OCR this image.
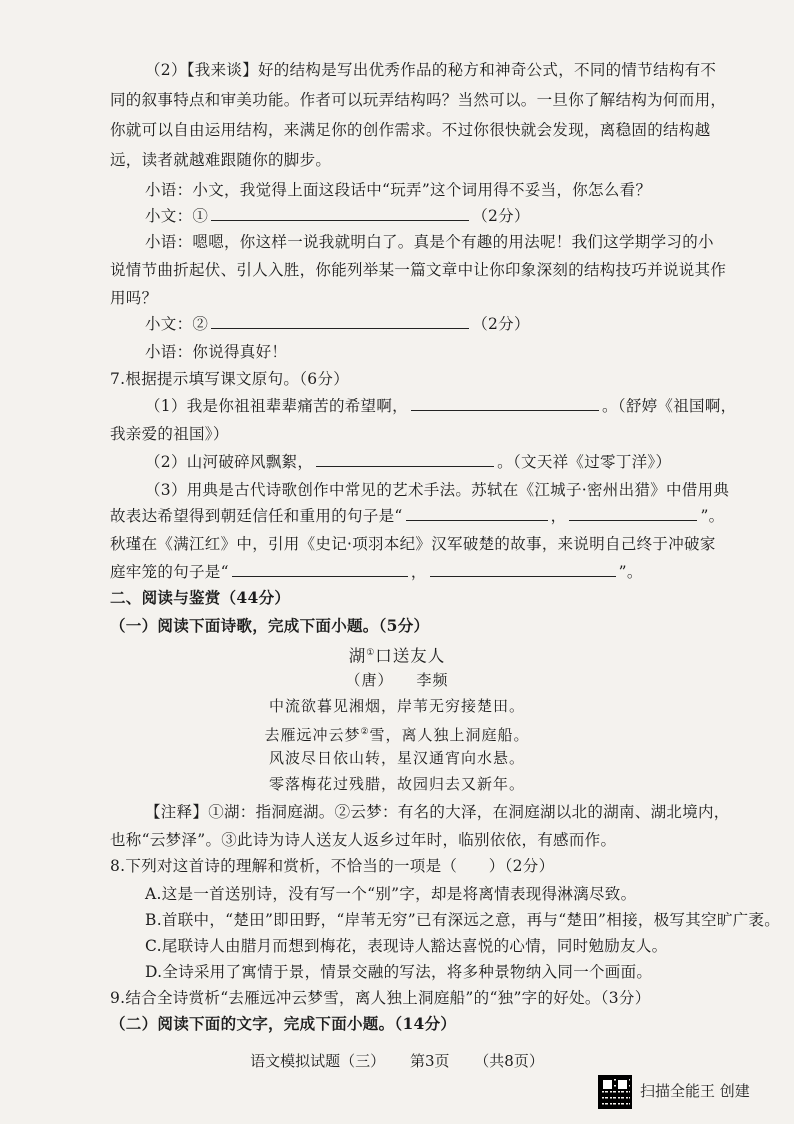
（2）【我来谈】好的结构是写出优秀作品的秘方和神奇公式，不同的情节结构有不
同的叙事特点和审美功能。作者可以玩弄结构吗？当然可以。一旦你了解结构为何而用，
你就可以自由运用结构，来满足你的创作需求。不过你很快就会发现，离稳固的结构越
远，读者就越难跟随你的脚步。
小语：小文，我觉得上面这段话中“玩弄”这个词用得不妥当，你怎么看？
小文：①	（2分）
小语：嗯嗯，你这样一说我就明白了。真是个有趣的用法呢！我们这学期学习的小
说情节曲折起伏、引人入胜，你能列举某一篇文章中让你印象深刻的结构技巧并说说其作
用吗？
小文：②	（2分）
小语：你说得真好！
7.根据提示填写课文原句。（6分）
（1）我是你祖祖辈辈痛苦的希望啊，	。（舒婷《祖国啊，
我亲爱的祖国》）
（2）山河破碎风飘絮，	。（文天祥《过零丁洋》）
（3）用典是古代诗歌创作中常见的艺术手法。苏轼在《江城子·密州出猎》中借用典
故表达希望得到朝廷信任和重用的句子是“	，	”。
秋瑾在《满江红》中，引用《史记·项羽本纪》汉军破楚的故事，来说明自己终于冲破家
庭牢笼的句子是“	，	”。
二、阅读与鉴赏（44分）
（一）阅读下面诗歌，完成下面小题。（5分）
湖①口送友人
（唐） 李频
中流欲暮见湘烟，岸苇无穷接楚田。
去雁远冲云梦②雪，离人独上洞庭船。
风波尽日依山转，星汉通宵向水悬。
零落梅花过残腊，故园归去又新年。
【注释】①湖：指洞庭湖。②云梦：有名的大泽，在洞庭湖以北的湖南、湖北境内，
也称“云梦泽”。③此诗为诗人送友人返乡过年时，临别依依，有感而作。
8.下列对这首诗的理解和赏析，不恰当的一项是（　　）（2分）
A.这是一首送别诗，没有写一个“别”字，却是将离情表现得淋漓尽致。
B.首联中，“楚田”即田野，“岸苇无穷”已有深远之意，再与“楚田”相接，极写其空旷广袤。
C.尾联诗人由腊月而想到梅花，表现诗人豁达喜悦的心情，同时勉励友人。
D.全诗采用了寓情于景，情景交融的写法，将多种景物纳入同一个画面。
9.结合全诗赏析“去雁远冲云梦雪，离人独上洞庭船”的“独”字的好处。（3分）
（二）阅读下面的文字，完成下面小题。（14分）
语文模拟试题（三） 第3页 （共8页）
扫描全能王 创建
